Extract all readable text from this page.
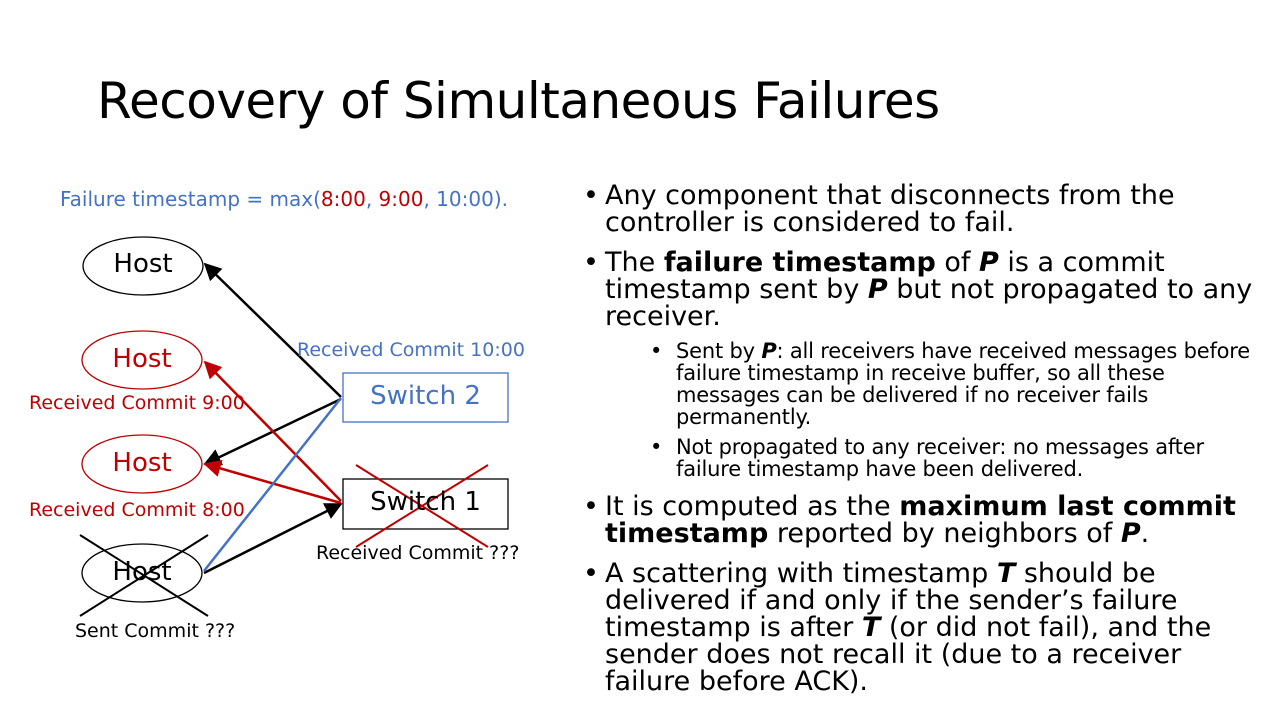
Recovery of Simultaneous Failures
Failure timestamp = max(8:00, 9:00, 10:00).
Host
Host
Host
Host
Switch 2
Switch 1
Received Commit 10:00
Received Commit 9:00
Received Commit 8:00
Received Commit ???
Sent Commit ???
• Any component that disconnects from the controller is considered to fail.
• The failure timestamp of P is a commit timestamp sent by P but not propagated to any receiver.
• Sent by P: all receivers have received messages before failure timestamp in receive buffer, so all these messages can be delivered if no receiver fails permanently.
• Not propagated to any receiver: no messages after failure timestamp have been delivered.
• It is computed as the maximum last commit timestamp reported by neighbors of P.
• A scattering with timestamp T should be delivered if and only if the sender’s failure timestamp is after T (or did not fail), and the sender does not recall it (due to a receiver failure before ACK).
